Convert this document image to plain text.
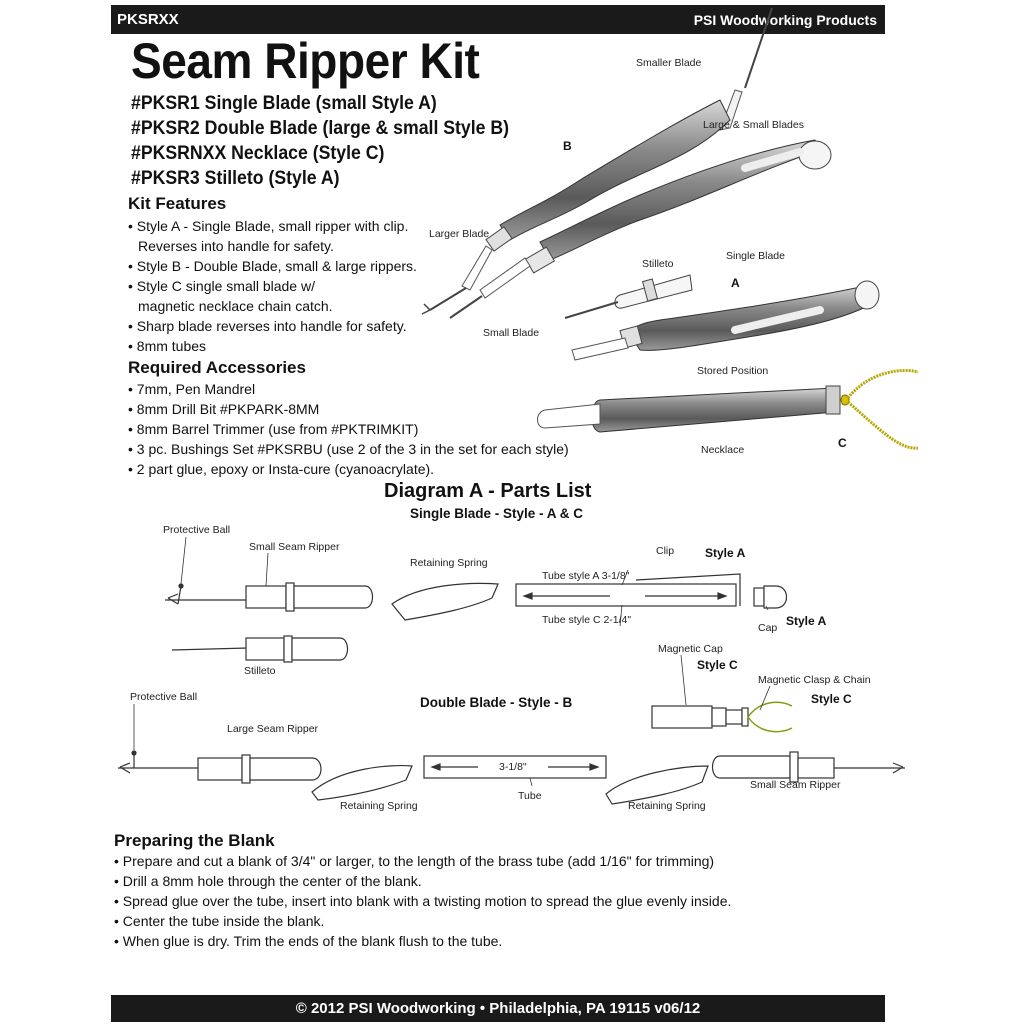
PKSRXX	PSI Woodworking Products
Seam Ripper Kit
#PKSR1 Single Blade (small Style A)
#PKSR2 Double Blade (large & small Style B)
#PKSRNXX Necklace (Style C)
#PKSR3 Stilleto (Style A)
Kit Features
• Style A - Single Blade, small ripper with clip.
Reverses into handle for safety.
• Style B - Double Blade, small & large rippers.
• Style C single small blade w/
magnetic necklace chain catch.
• Sharp blade reverses into handle for safety.
• 8mm tubes
Required Accessories
• 7mm, Pen Mandrel
• 8mm Drill Bit #PKPARK-8MM
• 8mm Barrel Trimmer (use from #PKTRIMKIT)
• 3 pc. Bushings Set #PKSRBU (use 2 of the 3 in the set for each style)
• 2 part glue, epoxy or Insta-cure (cyanoacrylate).
Smaller Blade
B
Large & Small Blades
Larger Blade
Single Blade
Stilleto
A
Small Blade
Stored Position
Necklace	C
Diagram A - Parts List
Single Blade - Style - A & C
Double Blade - Style - B
Protective Ball
Small Seam Ripper
Retaining Spring
Clip	Style A
Tube style A 3-1/8"
Tube style C 2-1/4"
Cap Style A
Stilleto
Magnetic Cap
Style C
Magnetic Clasp & Chain
Style C
Protective Ball
Large Seam Ripper
Retaining Spring
3-1/8"
Tube
Retaining Spring
Small Seam Ripper
Preparing the Blank
• Prepare and cut a blank of 3/4" or larger, to the length of the brass tube (add 1/16" for trimming)
• Drill a 8mm hole through the center of the blank.
• Spread glue over the tube, insert into blank with a twisting motion to spread the glue evenly inside.
• Center the tube inside the blank.
• When glue is dry. Trim the ends of the blank flush to the tube.
© 2012 PSI Woodworking • Philadelphia, PA 19115 v06/12
